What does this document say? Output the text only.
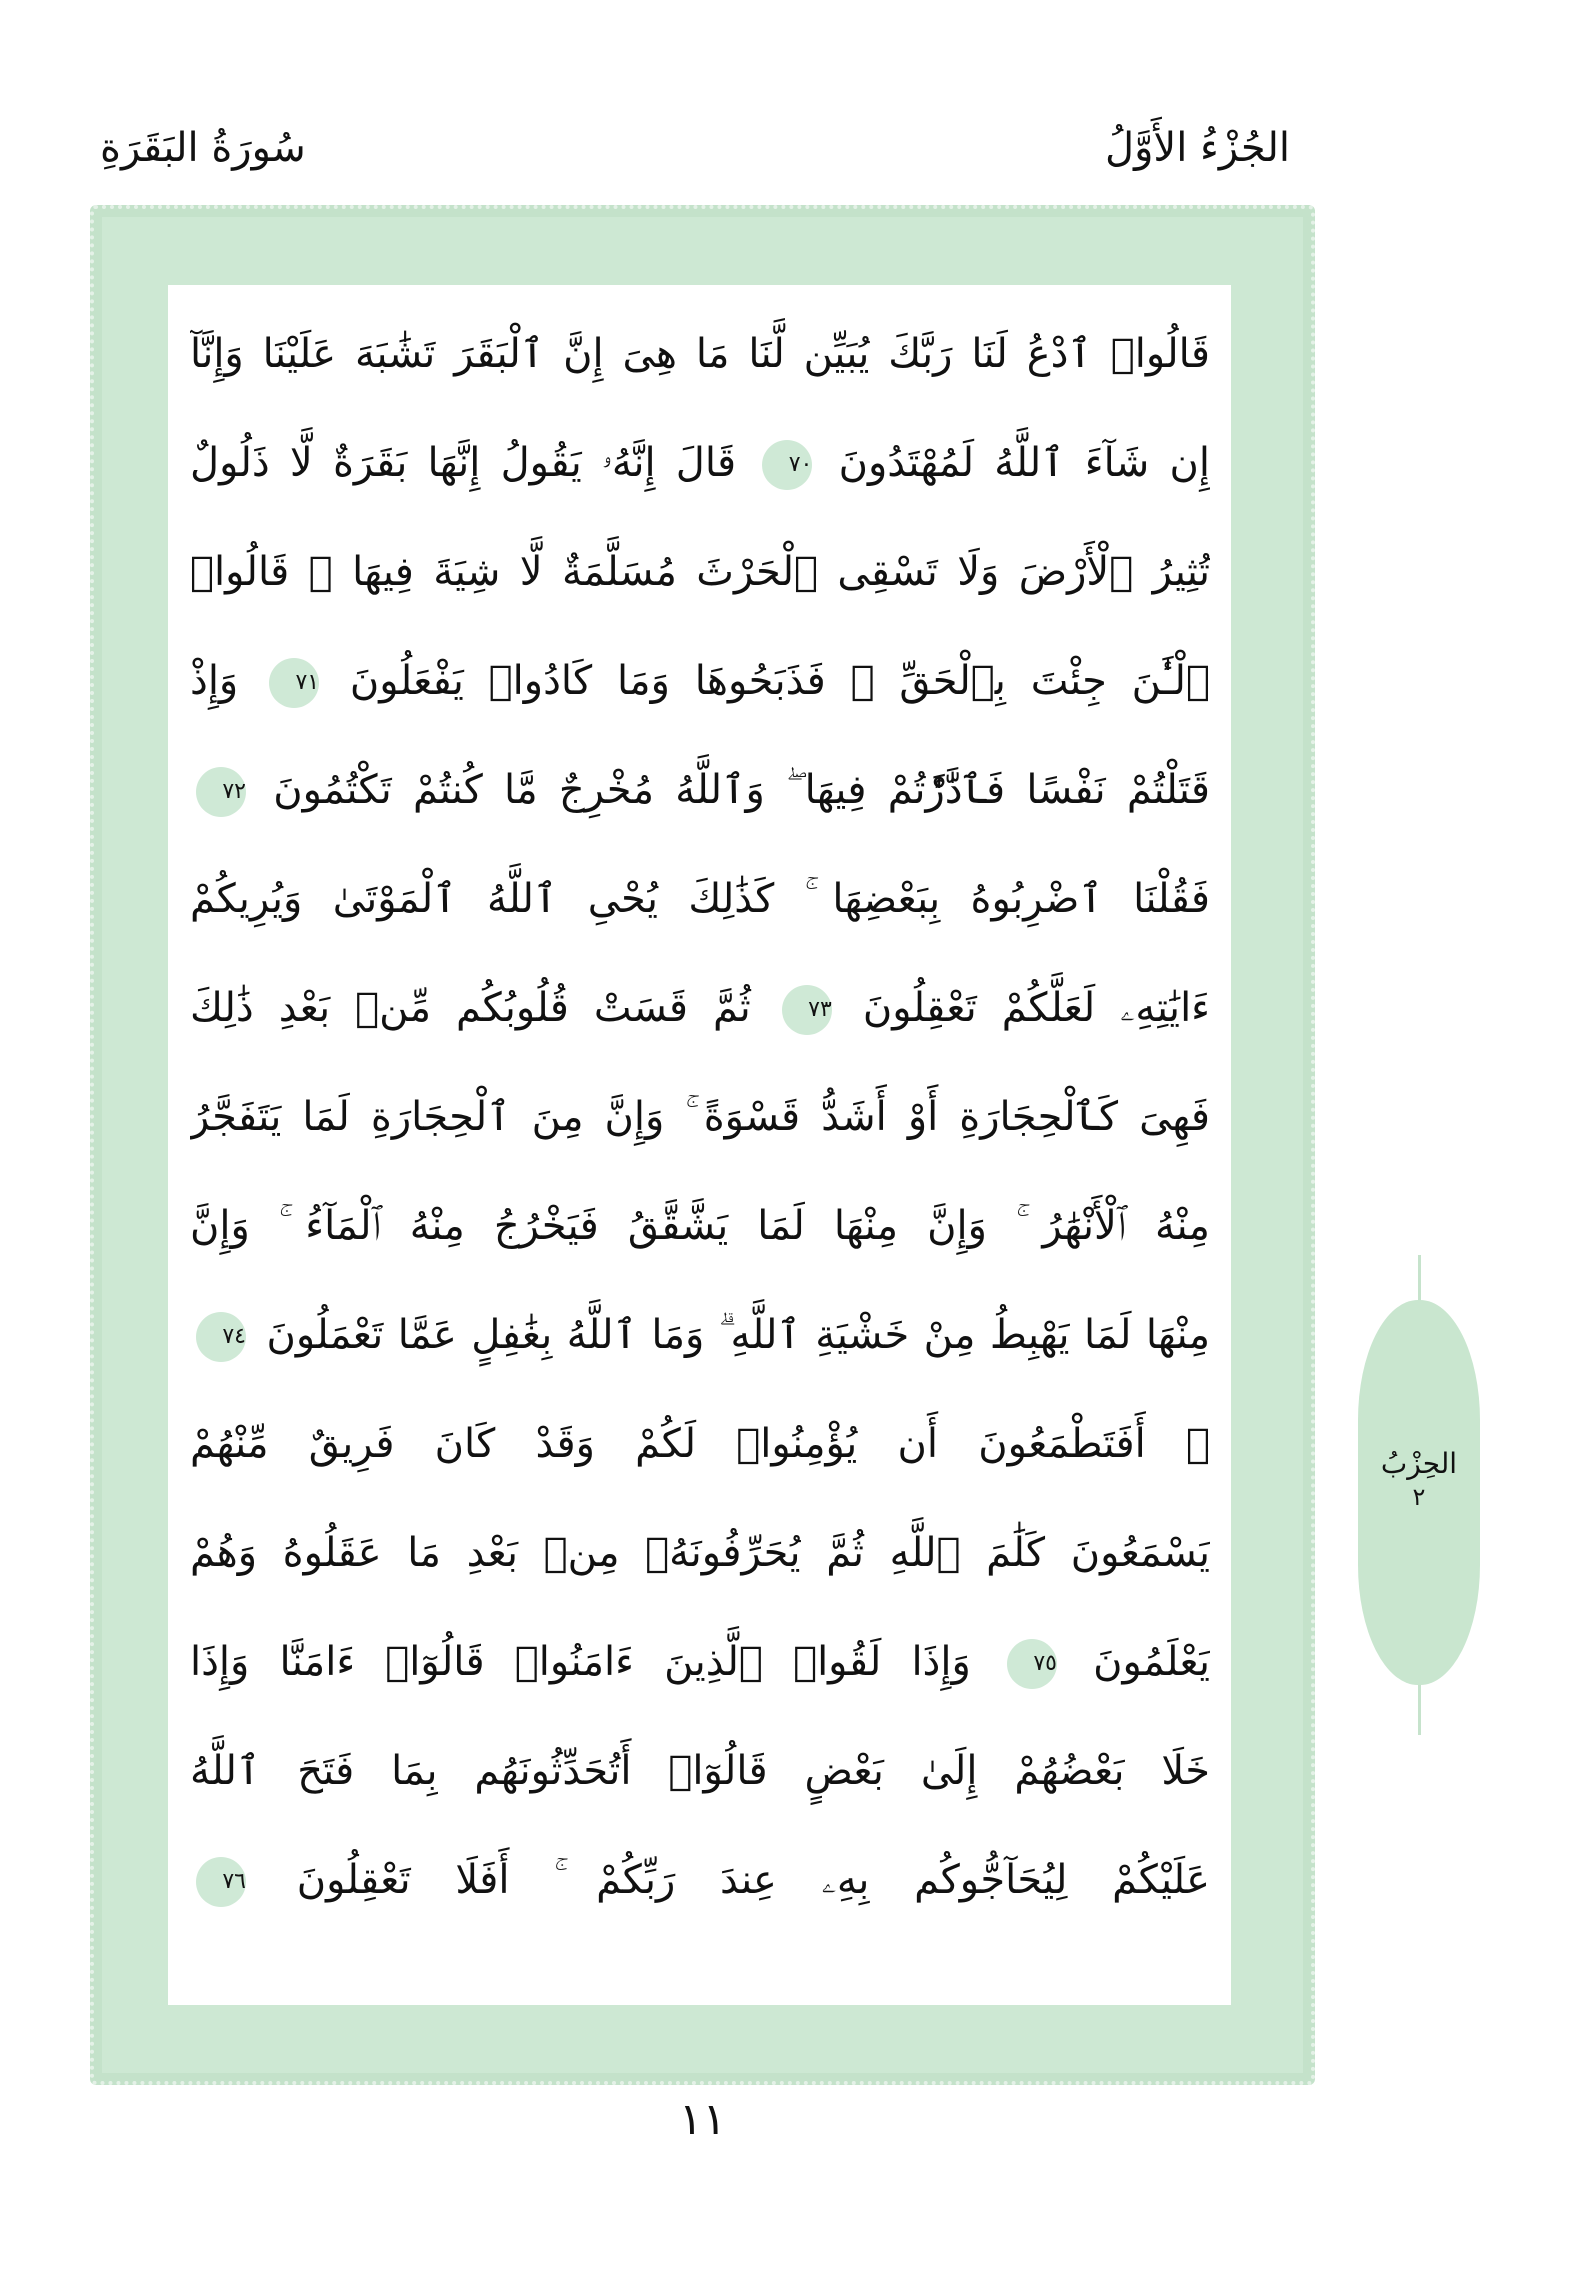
سُورَةُ البَقَرَةِ	الجُزْءُ الأَوَّلُ
قَالُوا۟ ٱدْعُ لَنَا رَبَّكَ يُبَيِّن لَّنَا مَا هِىَ إِنَّ ٱلْبَقَرَ تَشَٰبَهَ عَلَيْنَا وَإِنَّآ
إِن شَآءَ ٱللَّهُ لَمُهْتَدُونَ ٧٠ قَالَ إِنَّهُۥ يَقُولُ إِنَّهَا بَقَرَةٌ لَّا ذَلُولٌ
تُثِيرُ ٱلْأَرْضَ وَلَا تَسْقِى ٱلْحَرْثَ مُسَلَّمَةٌ لَّا شِيَةَ فِيهَا ۚ قَالُوا۟
ٱلْـَٰٔنَ جِئْتَ بِٱلْحَقِّ ۚ فَذَبَحُوهَا وَمَا كَادُوا۟ يَفْعَلُونَ ٧١ وَإِذْ
قَتَلْتُمْ نَفْسًا فَٱدَّٰرَْٰٔتُمْ فِيهَا ۖ وَٱللَّهُ مُخْرِجٌ مَّا كُنتُمْ تَكْتُمُونَ ٧٢
فَقُلْنَا ٱضْرِبُوهُ بِبَعْضِهَا ۚ كَذَٰلِكَ يُحْىِ ٱللَّهُ ٱلْمَوْتَىٰ وَيُرِيكُمْ
ءَايَٰتِهِۦ لَعَلَّكُمْ تَعْقِلُونَ ٧٣ ثُمَّ قَسَتْ قُلُوبُكُم مِّنۢ بَعْدِ ذَٰلِكَ
فَهِىَ كَٱلْحِجَارَةِ أَوْ أَشَدُّ قَسْوَةً ۚ وَإِنَّ مِنَ ٱلْحِجَارَةِ لَمَا يَتَفَجَّرُ
مِنْهُ ٱلْأَنْهَٰرُ ۚ وَإِنَّ مِنْهَا لَمَا يَشَّقَّقُ فَيَخْرُجُ مِنْهُ ٱلْمَآءُ ۚ وَإِنَّ
مِنْهَا لَمَا يَهْبِطُ مِنْ خَشْيَةِ ٱللَّهِ ۗ وَمَا ٱللَّهُ بِغَٰفِلٍ عَمَّا تَعْمَلُونَ ٧٤
۞ أَفَتَطْمَعُونَ أَن يُؤْمِنُوا۟ لَكُمْ وَقَدْ كَانَ فَرِيقٌ مِّنْهُمْ
يَسْمَعُونَ كَلَٰمَ ٱللَّهِ ثُمَّ يُحَرِّفُونَهُۥ مِنۢ بَعْدِ مَا عَقَلُوهُ وَهُمْ
يَعْلَمُونَ ٧٥ وَإِذَا لَقُوا۟ ٱلَّذِينَ ءَامَنُوا۟ قَالُوٓا۟ ءَامَنَّا وَإِذَا
خَلَا بَعْضُهُمْ إِلَىٰ بَعْضٍ قَالُوٓا۟ أَتُحَدِّثُونَهُم بِمَا فَتَحَ ٱللَّهُ
عَلَيْكُمْ لِيُحَآجُّوكُم بِهِۦ عِندَ رَبِّكُمْ ۚ أَفَلَا تَعْقِلُونَ ٧٦
الحِزْبُ
٢
١١
